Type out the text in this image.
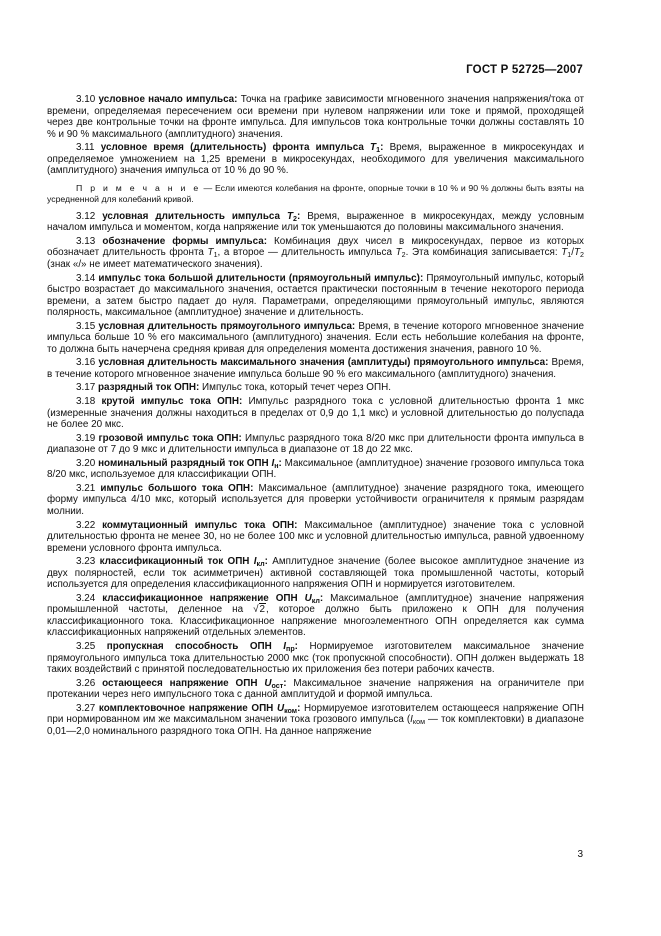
ГОСТ Р 52725—2007

3.10 условное начало импульса: Точка на графике зависимости мгновенного значения напряжения/тока от времени, определяемая пересечением оси времени при нулевом напряжении или токе и прямой, проходящей через две контрольные точки на фронте импульса. Для импульсов тока контрольные точки должны составлять 10 % и 90 % максимального (амплитудного) значения.

3.11 условное время (длительность) фронта импульса $T_1$: Время, выраженное в микросекундах и определяемое умножением на 1,25 времени в микросекундах, необходимого для увеличения максимального (амплитудного) значения импульса от 10 % до 90 %.

П р и м е ч а н и е — Если имеются колебания на фронте, опорные точки в 10 % и 90 % должны быть взяты на усредненной для колебаний кривой.

3.12 условная длительность импульса $T_2$: Время, выраженное в микросекундах, между условным началом импульса и моментом, когда напряжение или ток уменьшаются до половины максимального значения.

3.13 обозначение формы импульса: Комбинация двух чисел в микросекундах, первое из которых обозначает длительность фронта $T_1$, а второе — длительность импульса $T_2$. Эта комбинация записывается: $T_1/T_2$ (знак «/» не имеет математического значения).

3.14 импульс тока большой длительности (прямоугольный импульс): Прямоугольный импульс, который быстро возрастает до максимального значения, остается практически постоянным в течение некоторого периода времени, а затем быстро падает до нуля. Параметрами, определяющими прямоугольный импульс, являются полярность, максимальное (амплитудное) значение и длительность.

3.15 условная длительность прямоугольного импульса: Время, в течение которого мгновенное значение импульса больше 10 % его максимального (амплитудного) значения. Если есть небольшие колебания на фронте, то должна быть начерчена средняя кривая для определения момента достижения значения, равного 10 %.

3.16 условная длительность максимального значения (амплитуды) прямоугольного импульса: Время, в течение которого мгновенное значение импульса больше 90 % его максимального (амплитудного) значения.

3.17 разрядный ток ОПН: Импульс тока, который течет через ОПН.

3.18 крутой импульс тока ОПН: Импульс разрядного тока с условной длительностью фронта 1 мкс (измеренные значения должны находиться в пределах от 0,9 до 1,1 мкс) и условной длительностью до полуспада не более 20 мкс.

3.19 грозовой импульс тока ОПН: Импульс разрядного тока 8/20 мкс при длительности фронта импульса в диапазоне от 7 до 9 мкс и длительности импульса в диапазоне от 18 до 22 мкс.

3.20 номинальный разрядный ток ОПН $I_н$: Максимальное (амплитудное) значение грозового импульса тока 8/20 мкс, используемое для классификации ОПН.

3.21 импульс большого тока ОПН: Максимальное (амплитудное) значение разрядного тока, имеющего форму импульса 4/10 мкс, который используется для проверки устойчивости ограничителя к прямым разрядам молнии.

3.22 коммутационный импульс тока ОПН: Максимальное (амплитудное) значение тока с условной длительностью фронта не менее 30, но не более 100 мкс и условной длительностью импульса, равной удвоенному времени условного фронта импульса.

3.23 классификационный ток ОПН $I_{кл}$: Амплитудное значение (более высокое амплитудное значение из двух полярностей, если ток асимметричен) активной составляющей тока промышленной частоты, который используется для определения классификационного напряжения ОПН и нормируется изготовителем.

3.24 классификационное напряжение ОПН $U_{кл}$: Максимальное (амплитудное) значение напряжения промышленной частоты, деленное на √2, которое должно быть приложено к ОПН для получения классификационного тока. Классификационное напряжение многоэлементного ОПН определяется как сумма классификационных напряжений отдельных элементов.

3.25 пропускная способность ОПН $I_{пр}$: Нормируемое изготовителем максимальное значение прямоугольного импульса тока длительностью 2000 мкс (ток пропускной способности). ОПН должен выдержать 18 таких воздействий с принятой последовательностью их приложения без потери рабочих качеств.

3.26 остающееся напряжение ОПН $U_{ост}$: Максимальное значение напряжения на ограничителе при протекании через него импульсного тока с данной амплитудой и формой импульса.

3.27 комплектовочное напряжение ОПН $U_{ком}$: Нормируемое изготовителем остающееся напряжение ОПН при нормированном им же максимальном значении тока грозового импульса ($I_{ком}$ — ток комплектовки) в диапазоне 0,01—2,0 номинального разрядного тока ОПН. На данное напряжение

3
